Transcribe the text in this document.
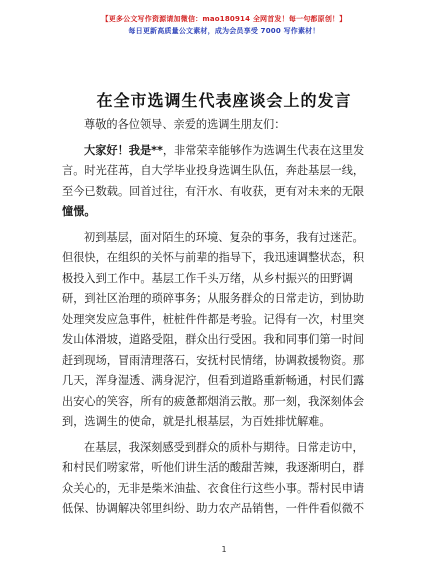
【更多公文写作资源请加微信：mao180914 全网首发！每一句都原创！】
每日更新高质量公文素材，成为会员享受 7000 写作素材！
在全市选调生代表座谈会上的发言
尊敬的各位领导、亲爱的选调生朋友们：
大家好！我是**，非常荣幸能够作为选调生代表在这里发
言。时光荏苒，自大学毕业投身选调生队伍，奔赴基层一线，
至今已数载。回首过往，有汗水、有收获，更有对未来的无限
憧憬。
初到基层，面对陌生的环境、复杂的事务，我有过迷茫。
但很快，在组织的关怀与前辈的指导下，我迅速调整状态，积
极投入到工作中。基层工作千头万绪，从乡村振兴的田野调
研，到社区治理的琐碎事务；从服务群众的日常走访，到协助
处理突发应急事件，桩桩件件都是考验。记得有一次，村里突
发山体滑坡，道路受阻，群众出行受困。我和同事们第一时间
赶到现场，冒雨清理落石，安抚村民情绪，协调救援物资。那
几天，浑身湿透、满身泥泞，但看到道路重新畅通，村民们露
出安心的笑容，所有的疲惫都烟消云散。那一刻，我深刻体会
到，选调生的使命，就是扎根基层，为百姓排忧解难。
在基层，我深刻感受到群众的质朴与期待。日常走访中，
和村民们唠家常，听他们讲生活的酸甜苦辣，我逐渐明白，群
众关心的，无非是柴米油盐、衣食住行这些小事。帮村民申请
低保、协调解决邻里纠纷、助力农产品销售，一件件看似微不
1
